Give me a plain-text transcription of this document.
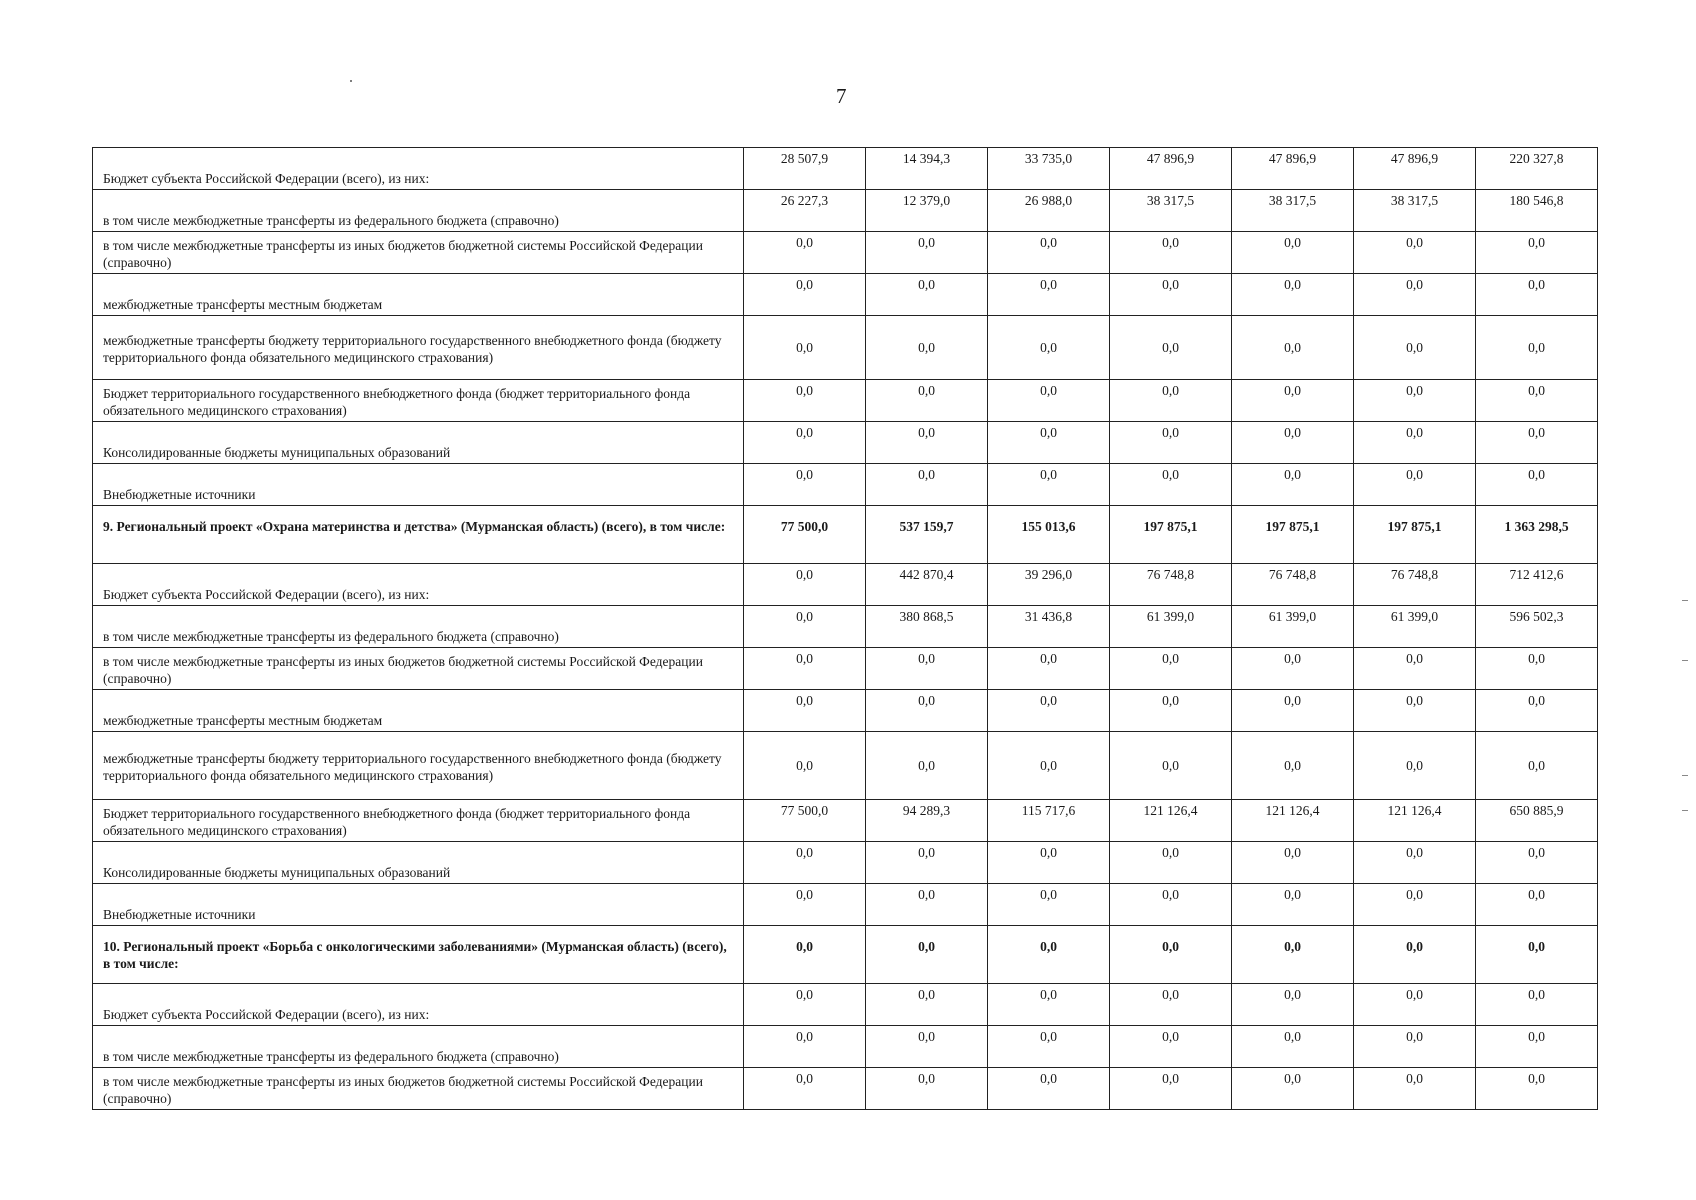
7
Бюджет субъекта Российской Федерации (всего), из них:	28 507,9	14 394,3	33 735,0	47 896,9	47 896,9	47 896,9	220 327,8
в том числе межбюджетные трансферты из федерального бюджета (справочно)	26 227,3	12 379,0	26 988,0	38 317,5	38 317,5	38 317,5	180 546,8
в том числе межбюджетные трансферты из иных бюджетов бюджетной системы Российской Федерации (справочно)	0,0	0,0	0,0	0,0	0,0	0,0	0,0
межбюджетные трансферты местным бюджетам	0,0	0,0	0,0	0,0	0,0	0,0	0,0
межбюджетные трансферты бюджету территориального государственного внебюджетного фонда (бюджету территориального фонда обязательного медицинского страхования)	0,0	0,0	0,0	0,0	0,0	0,0	0,0
Бюджет территориального государственного внебюджетного фонда (бюджет территориального фонда обязательного медицинского страхования)	0,0	0,0	0,0	0,0	0,0	0,0	0,0
Консолидированные бюджеты муниципальных образований	0,0	0,0	0,0	0,0	0,0	0,0	0,0
Внебюджетные источники	0,0	0,0	0,0	0,0	0,0	0,0	0,0
9. Региональный проект «Охрана материнства и детства» (Мурманская область) (всего), в том числе:	77 500,0	537 159,7	155 013,6	197 875,1	197 875,1	197 875,1	1 363 298,5
Бюджет субъекта Российской Федерации (всего), из них:	0,0	442 870,4	39 296,0	76 748,8	76 748,8	76 748,8	712 412,6
в том числе межбюджетные трансферты из федерального бюджета (справочно)	0,0	380 868,5	31 436,8	61 399,0	61 399,0	61 399,0	596 502,3
в том числе межбюджетные трансферты из иных бюджетов бюджетной системы Российской Федерации (справочно)	0,0	0,0	0,0	0,0	0,0	0,0	0,0
межбюджетные трансферты местным бюджетам	0,0	0,0	0,0	0,0	0,0	0,0	0,0
межбюджетные трансферты бюджету территориального государственного внебюджетного фонда (бюджету территориального фонда обязательного медицинского страхования)	0,0	0,0	0,0	0,0	0,0	0,0	0,0
Бюджет территориального государственного внебюджетного фонда (бюджет территориального фонда обязательного медицинского страхования)	77 500,0	94 289,3	115 717,6	121 126,4	121 126,4	121 126,4	650 885,9
Консолидированные бюджеты муниципальных образований	0,0	0,0	0,0	0,0	0,0	0,0	0,0
Внебюджетные источники	0,0	0,0	0,0	0,0	0,0	0,0	0,0
10. Региональный проект «Борьба с онкологическими заболеваниями» (Мурманская область) (всего), в том числе:	0,0	0,0	0,0	0,0	0,0	0,0	0,0
Бюджет субъекта Российской Федерации (всего), из них:	0,0	0,0	0,0	0,0	0,0	0,0	0,0
в том числе межбюджетные трансферты из федерального бюджета (справочно)	0,0	0,0	0,0	0,0	0,0	0,0	0,0
в том числе межбюджетные трансферты из иных бюджетов бюджетной системы Российской Федерации (справочно)	0,0	0,0	0,0	0,0	0,0	0,0	0,0
